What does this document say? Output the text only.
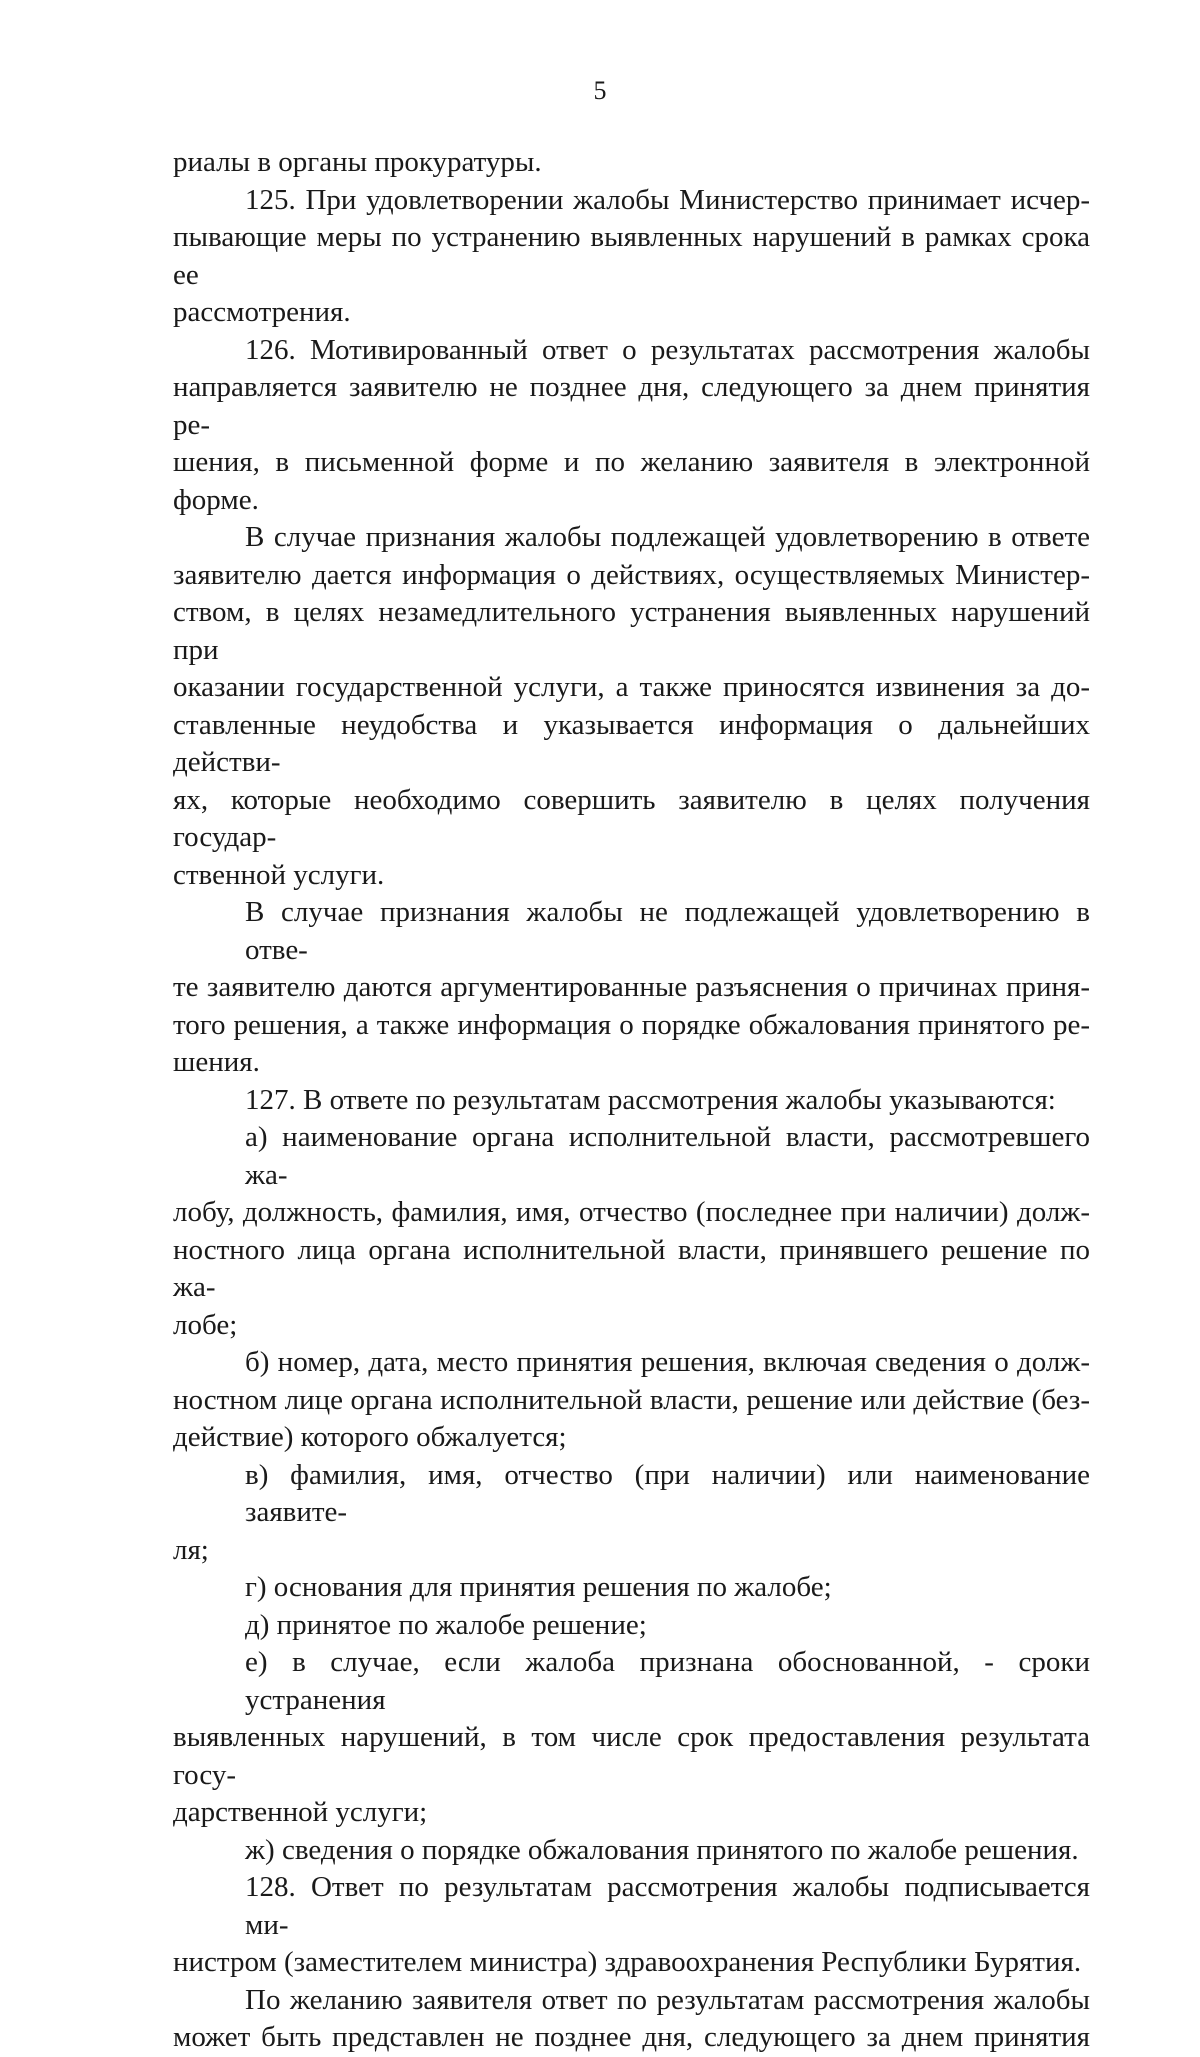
5
риалы в органы прокуратуры.
125. При удовлетворении жалобы Министерство принимает исчер-
пывающие меры по устранению выявленных нарушений в рамках срока ее
рассмотрения.
126. Мотивированный ответ о результатах рассмотрения жалобы
направляется заявителю не позднее дня, следующего за днем принятия ре-
шения, в письменной форме и по желанию заявителя в электронной форме.
В случае признания жалобы подлежащей удовлетворению в ответе
заявителю дается информация о действиях, осуществляемых Министер-
ством, в целях незамедлительного устранения выявленных нарушений при
оказании государственной услуги, а также приносятся извинения за до-
ставленные неудобства и указывается информация о дальнейших действи-
ях, которые необходимо совершить заявителю в целях получения государ-
ственной услуги.
В случае признания жалобы не подлежащей удовлетворению в отве-
те заявителю даются аргументированные разъяснения о причинах приня-
того решения, а также информация о порядке обжалования принятого ре-
шения.
127. В ответе по результатам рассмотрения жалобы указываются:
а) наименование органа исполнительной власти, рассмотревшего жа-
лобу, должность, фамилия, имя, отчество (последнее при наличии) долж-
ностного лица органа исполнительной власти, принявшего решение по жа-
лобе;
б) номер, дата, место принятия решения, включая сведения о долж-
ностном лице органа исполнительной власти, решение или действие (без-
действие) которого обжалуется;
в) фамилия, имя, отчество (при наличии) или наименование заявите-
ля;
г) основания для принятия решения по жалобе;
д) принятое по жалобе решение;
е) в случае, если жалоба признана обоснованной, - сроки устранения
выявленных нарушений, в том числе срок предоставления результата госу-
дарственной услуги;
ж) сведения о порядке обжалования принятого по жалобе решения.
128. Ответ по результатам рассмотрения жалобы подписывается ми-
нистром (заместителем министра) здравоохранения Республики Бурятия.
По желанию заявителя ответ по результатам рассмотрения жалобы
может быть представлен не позднее дня, следующего за днем принятия
